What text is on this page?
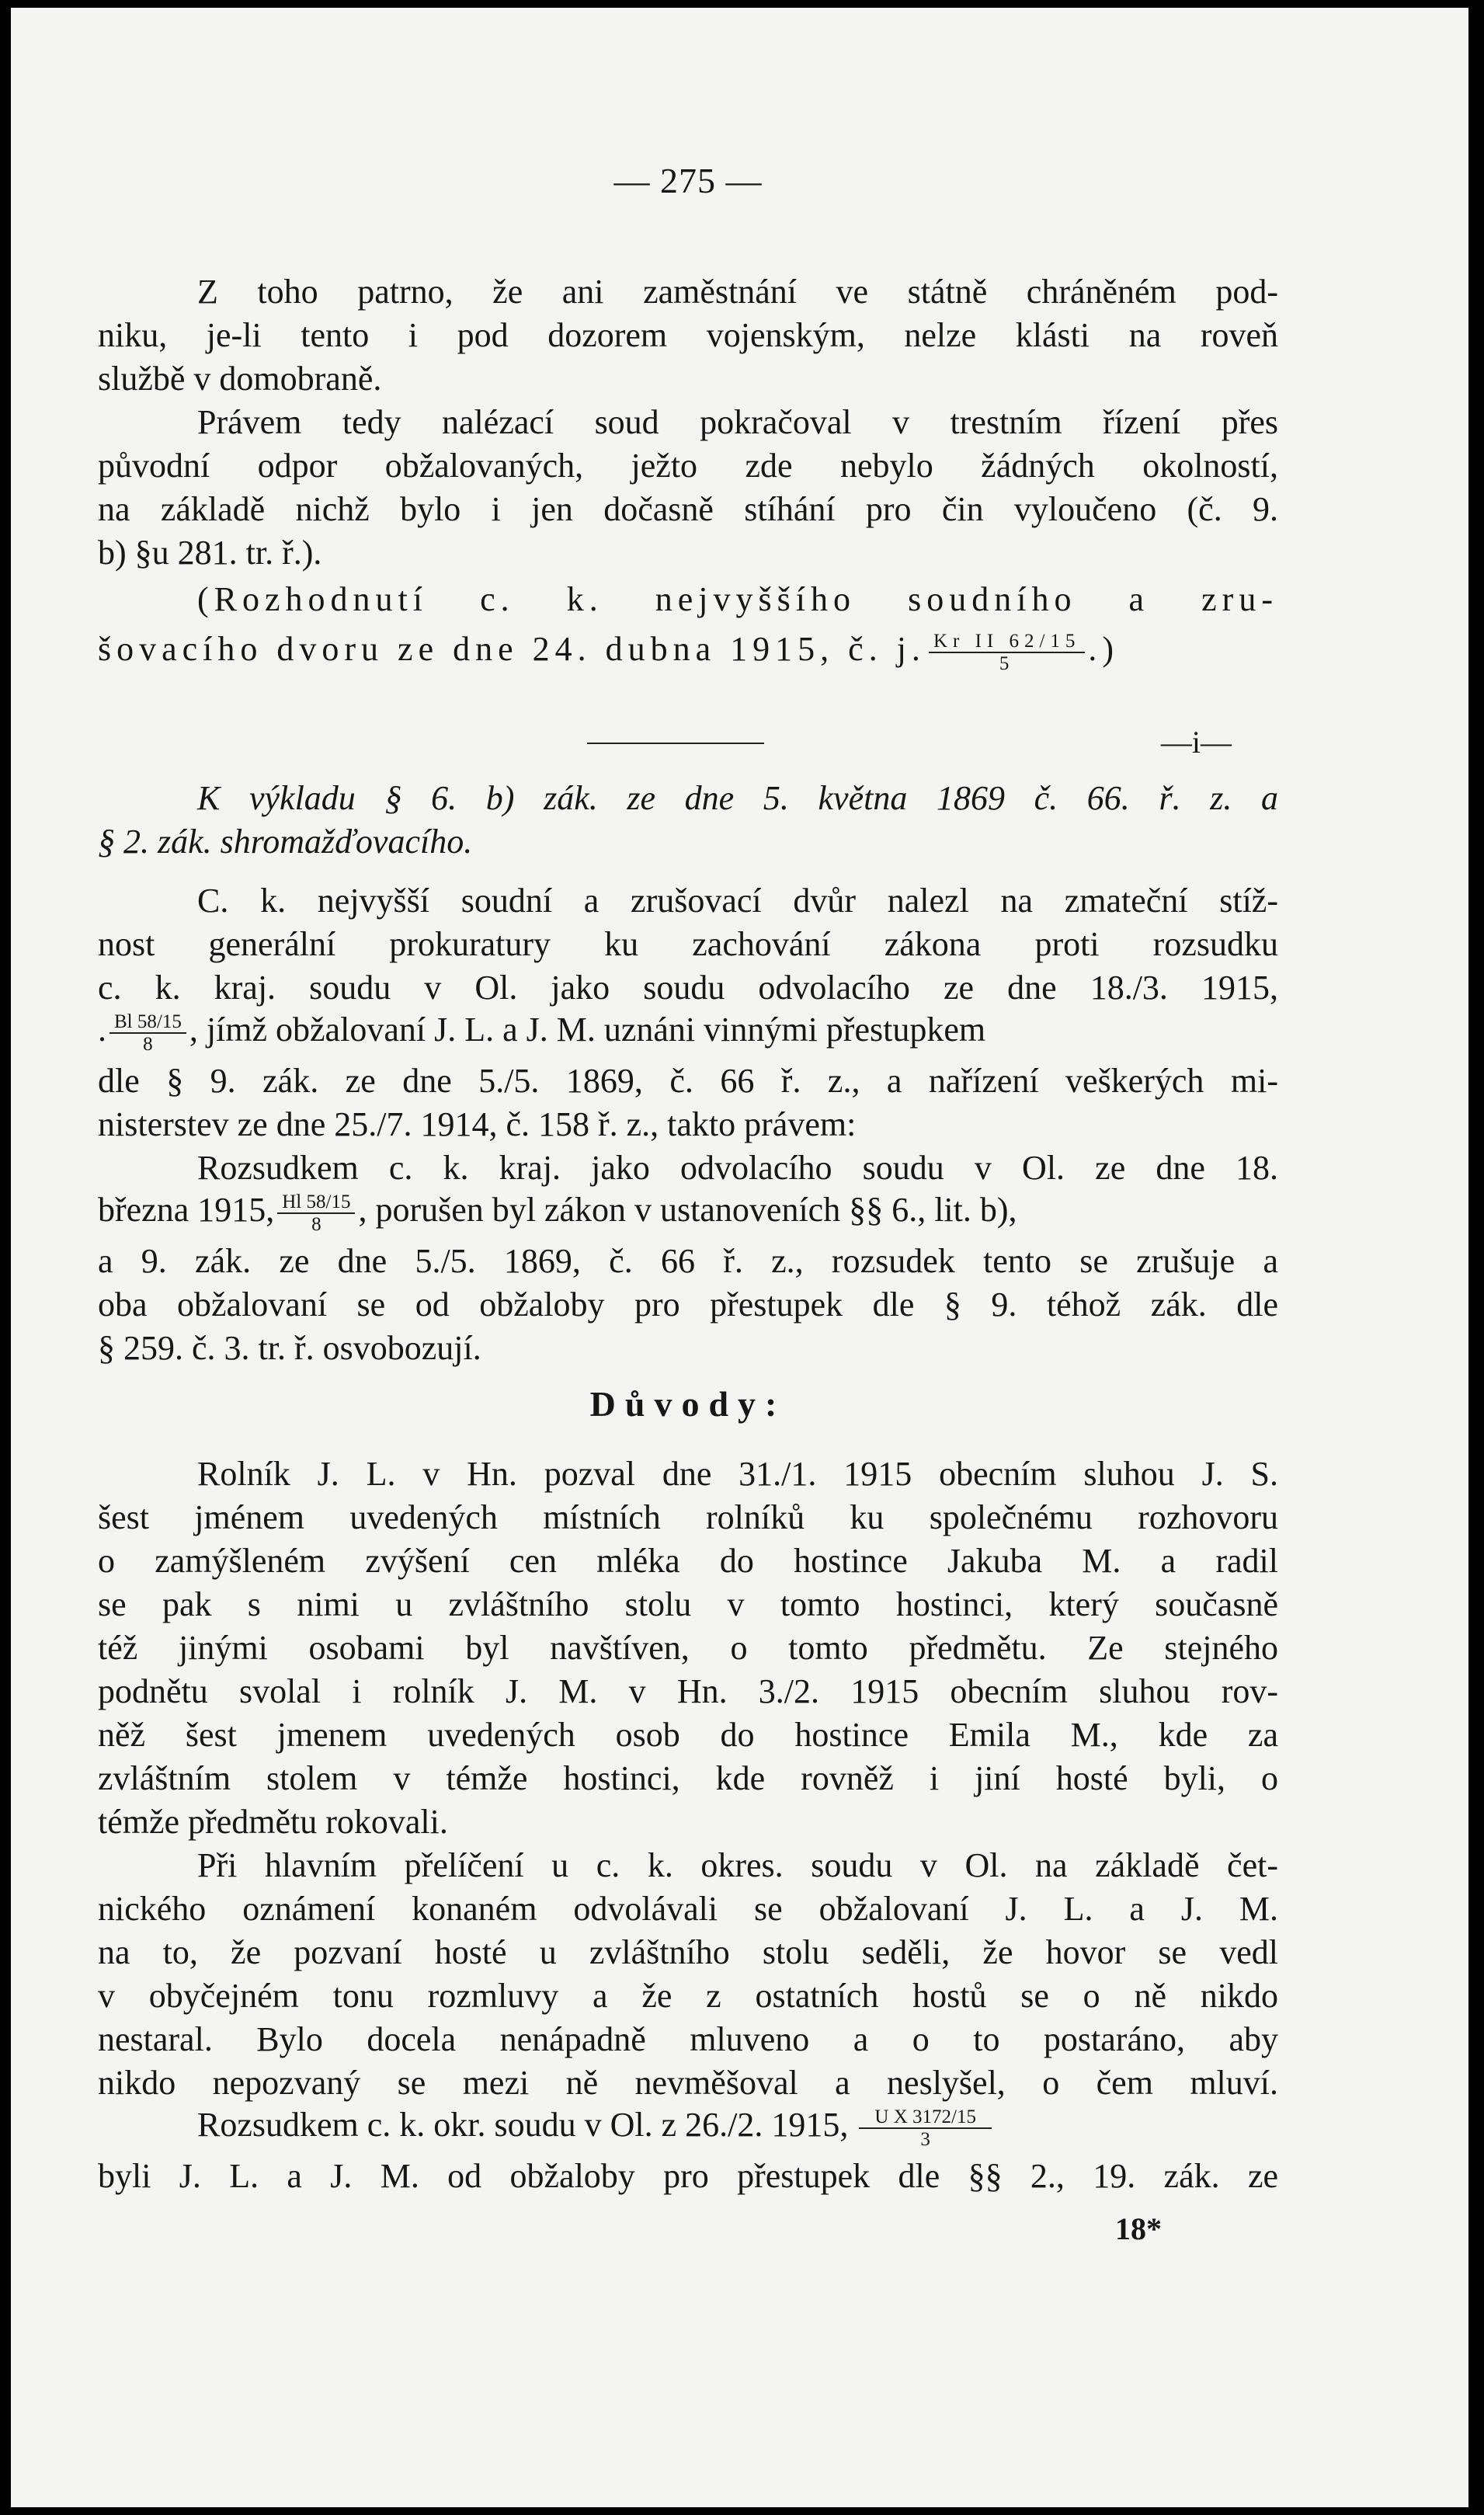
— 275 —
Z toho patrno, že ani zaměstnání ve státně chráněném pod-
niku, je-li tento i pod dozorem vojenským, nelze klásti na roveň
službě v domobraně.
Právem tedy nalézací soud pokračoval v trestním řízení přes
původní odpor obžalovaných, ježto zde nebylo žádných okolností,
na základě nichž bylo i jen dočasně stíhání pro čin vyloučeno (č. 9.
b) §u 281. tr. ř.).
(Rozhodnutí c. k. nejvyššího soudního a zru-
šovacího dvoru ze dne 24. dubna 1915, č. j. $\frac{\text{Kr II 62/15}}{5}$ .)
—i—
K výkladu § 6. b) zák. ze dne 5. května 1869 č. 66. ř. z. a
§ 2. zák. shromažďovacího.
C. k. nejvyšší soudní a zrušovací dvůr nalezl na zmateční stíž-
nost generální prokuratury ku zachování zákona proti rozsudku
c. k. kraj. soudu v Ol. jako soudu odvolacího ze dne 18./3. 1915,
. $\frac{Bl 58/15}{8}$ , jímž obžalovaní J. L. a J. M. uznáni vinnými přestupkem
dle § 9. zák. ze dne 5./5. 1869, č. 66 ř. z., a nařízení veškerých mi-
nisterstev ze dne 25./7. 1914, č. 158 ř. z., takto právem:
Rozsudkem c. k. kraj. jako odvolacího soudu v Ol. ze dne 18.
března 1915, $\frac{Hl 58/15}{8}$ , porušen byl zákon v ustanoveních §§ 6., lit. b),
a 9. zák. ze dne 5./5. 1869, č. 66 ř. z., rozsudek tento se zrušuje a
oba obžalovaní se od obžaloby pro přestupek dle § 9. téhož zák. dle
§ 259. č. 3. tr. ř. osvobozují.
Důvody:
Rolník J. L. v Hn. pozval dne 31./1. 1915 obecním sluhou J. S.
šest jménem uvedených místních rolníků ku společnému rozhovoru
o zamýšleném zvýšení cen mléka do hostince Jakuba M. a radil
se pak s nimi u zvláštního stolu v tomto hostinci, který současně
též jinými osobami byl navštíven, o tomto předmětu. Ze stejného
podnětu svolal i rolník J. M. v Hn. 3./2. 1915 obecním sluhou rov-
něž šest jmenem uvedených osob do hostince Emila M., kde za
zvláštním stolem v témže hostinci, kde rovněž i jiní hosté byli, o
témže předmětu rokovali.
Při hlavním přelíčení u c. k. okres. soudu v Ol. na základě čet-
nického oznámení konaném odvolávali se obžalovaní J. L. a J. M.
na to, že pozvaní hosté u zvláštního stolu seděli, že hovor se vedl
v obyčejném tonu rozmluvy a že z ostatních hostů se o ně nikdo
nestaral. Bylo docela nenápadně mluveno a o to postaráno, aby
nikdo nepozvaný se mezi ně nevměšoval a neslyšel, o čem mluví.
Rozsudkem c. k. okr. soudu v Ol. z 26./2. 1915, $\frac{\text{U X 3172/15}}{3}$
byli J. L. a J. M. od obžaloby pro přestupek dle §§ 2., 19. zák. ze
18*
